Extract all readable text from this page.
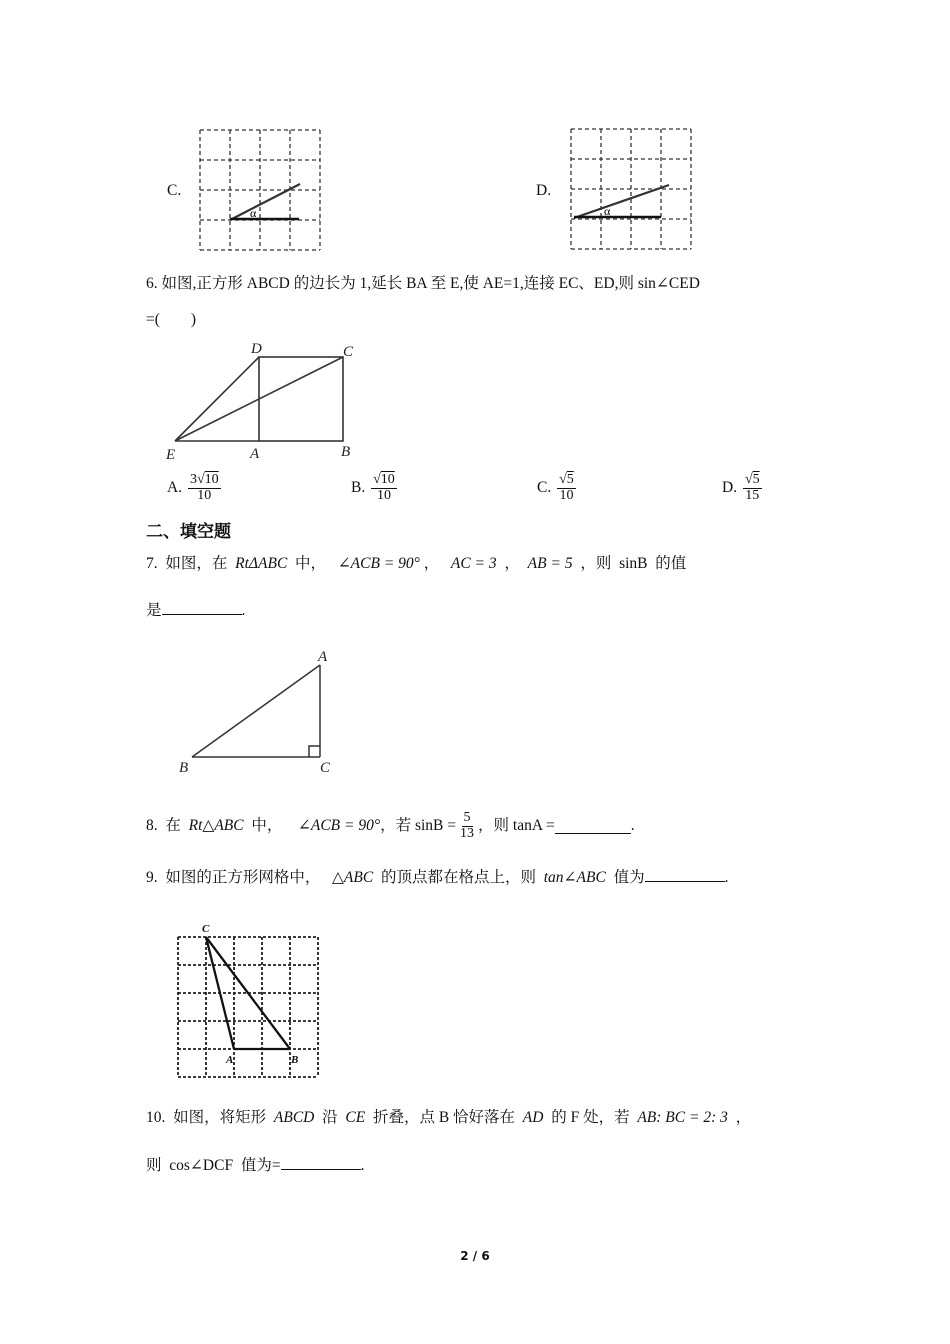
C.
α
D.
α
6. 如图,正方形 ABCD 的边长为 1,延长 BA 至 E,使 AE=1,连接 EC、ED,则 sin∠CED
=(　　)
D	C
E	A	B
A. $\frac{3√10}{10}$	B. $\frac{√10}{10}$	C. $\frac{√5}{10}$	D. $\frac{√5}{15}$
二、填空题
7. 如图，在 RtΔABC 中， ∠ACB = 90° ， AC = 3 ， AB = 5 ，则 sinB 的值
是	.
A
B	C
8.
在
Rt△ABC
中，
∠ACB = 90° ，若
$\sin B = \frac{5}{13}$ ，则
tanA =	.
9. 如图的正方形网格中， △ABC 的顶点都在格点上，则 tan∠ABC 值为	.
C
A	B
10. 如图，将矩形 ABCD 沿 CE 折叠，点 B 恰好落在 AD 的 F 处，若 AB: BC = 2: 3 ，
则 cos∠DCF 值为=	.
2 / 6
